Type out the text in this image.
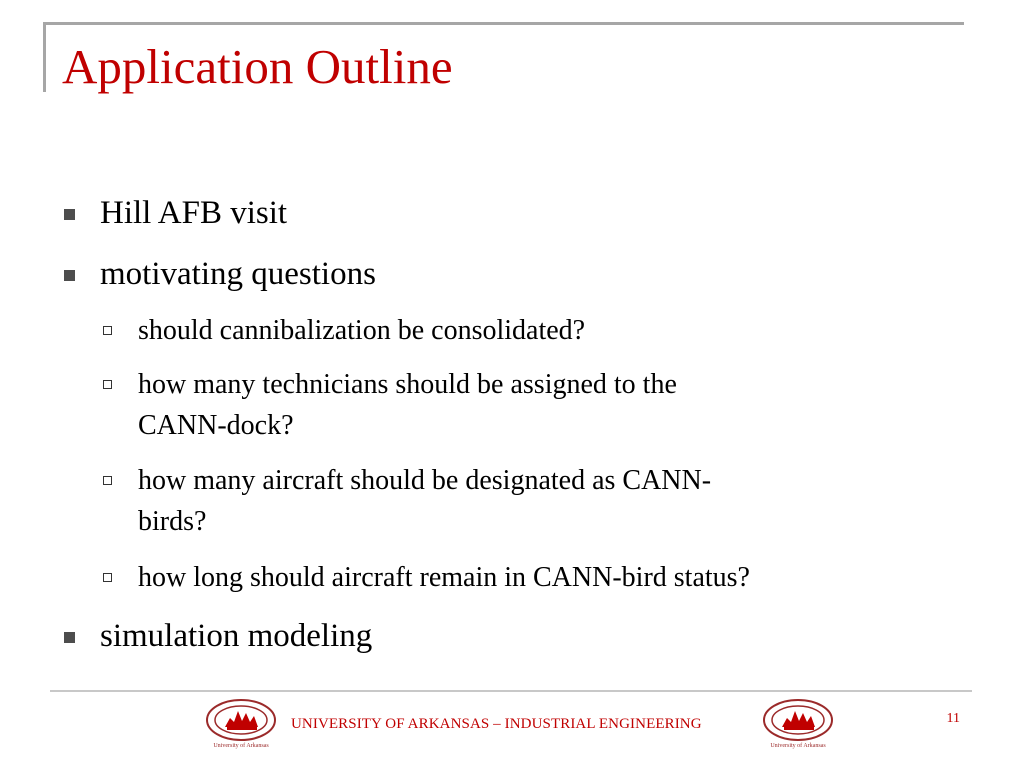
Application Outline
Hill AFB visit
motivating questions
should cannibalization be consolidated?
how many technicians should be assigned to the
CANN-dock?
how many aircraft should be designated as CANN-
birds?
how long should aircraft remain in CANN-bird status?
simulation modeling
University of Arkansas
UNIVERSITY OF ARKANSAS – INDUSTRIAL ENGINEERING
University of Arkansas
11
